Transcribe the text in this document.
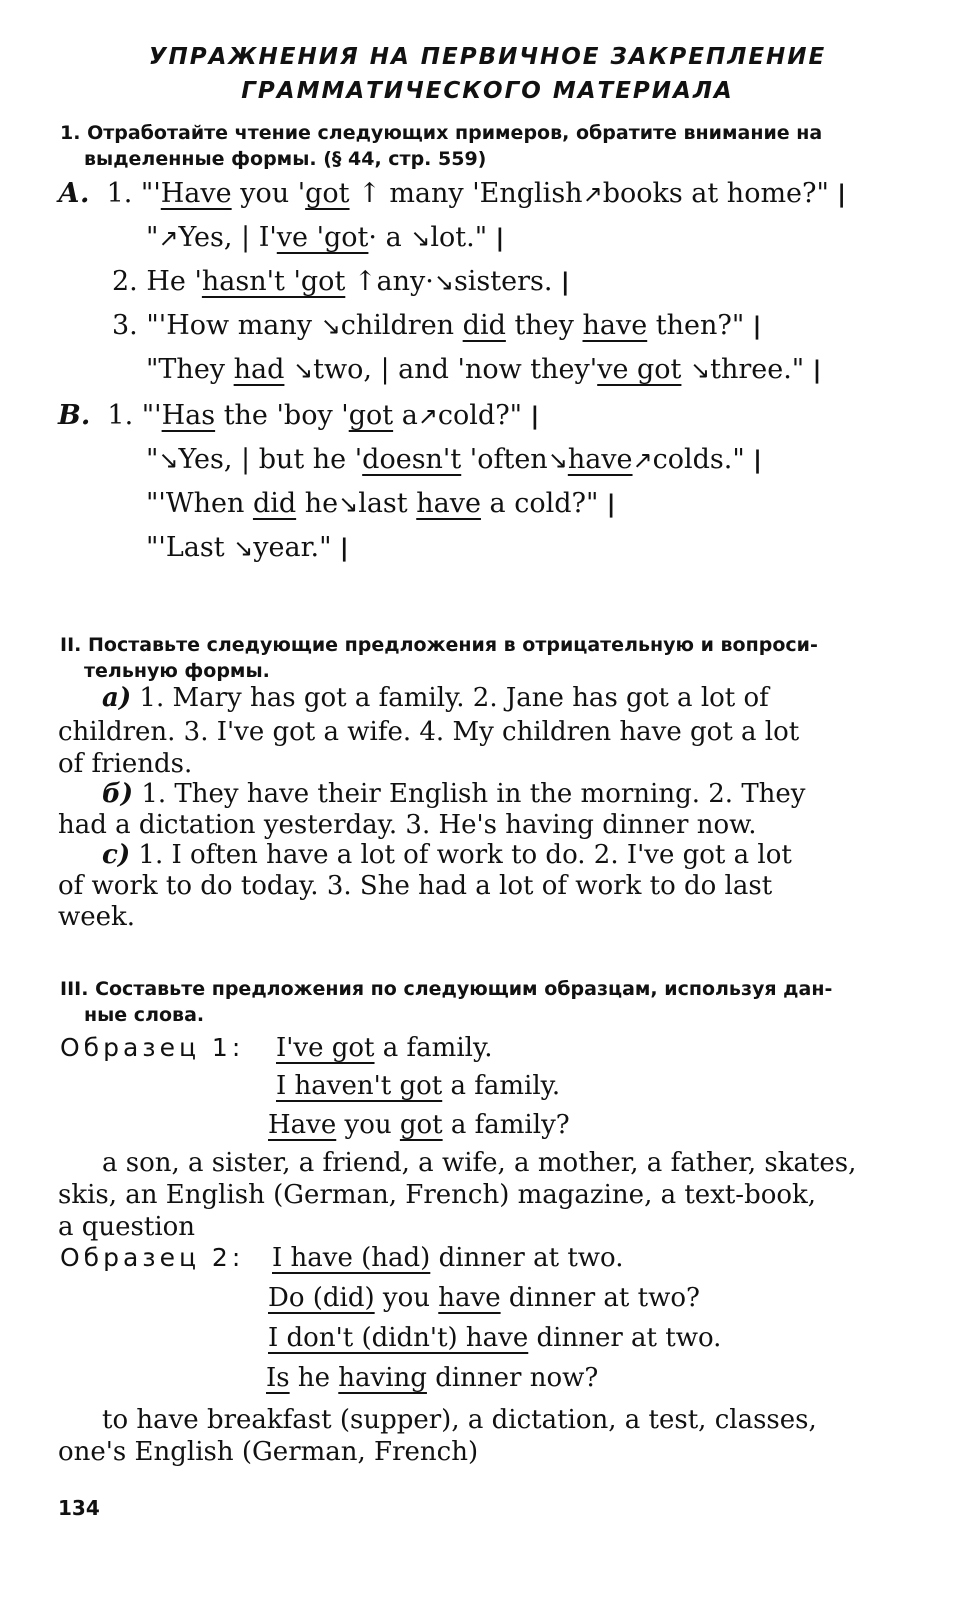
УПРАЖНЕНИЯ НА ПЕРВИЧНОЕ ЗАКРЕПЛЕНИЕ
ГРАММАТИЧЕСКОГО МАТЕРИАЛА
1. Отработайте чтение следующих примеров, обратите внимание на
выделенные формы. (§ 44, стр. 559)
А. 1. "'Have you 'got ↑ many 'English↗books at home?" |
"↗Yes, | I've 'got· a ↘lot." |
2. He 'hasn't 'got ↑any·↘sisters. |
3. "'How many ↘children did they have then?" |
"They had ↘two, | and 'now they've got ↘three." |
В. 1. "'Has the 'boy 'got a↗cold?" |
"↘Yes, | but he 'doesn't 'often↘have↗colds." |
"'When did he↘last have a cold?" |
"'Last ↘year." |
II. Поставьте следующие предложения в отрицательную и вопроси-
тельную формы.
а) 1. Mary has got a family. 2. Jane has got a lot of
children. 3. I've got a wife. 4. My children have got a lot
of friends.
б) 1. They have their English in the morning. 2. They
had a dictation yesterday. 3. He's having dinner now.
с) 1. I often have a lot of work to do. 2. I've got a lot
of work to do today. 3. She had a lot of work to do last
week.
III. Составьте предложения по следующим образцам, используя дан-
ные слова.
Образец 1: I've got a family.
I haven't got a family.
Have you got a family?
a son, a sister, a friend, a wife, a mother, a father, skates,
skis, an English (German, French) magazine, a text-book,
a question
Образец 2: I have (had) dinner at two.
Do (did) you have dinner at two?
I don't (didn't) have dinner at two.
Is he having dinner now?
to have breakfast (supper), a dictation, a test, classes,
one's English (German, French)
134
